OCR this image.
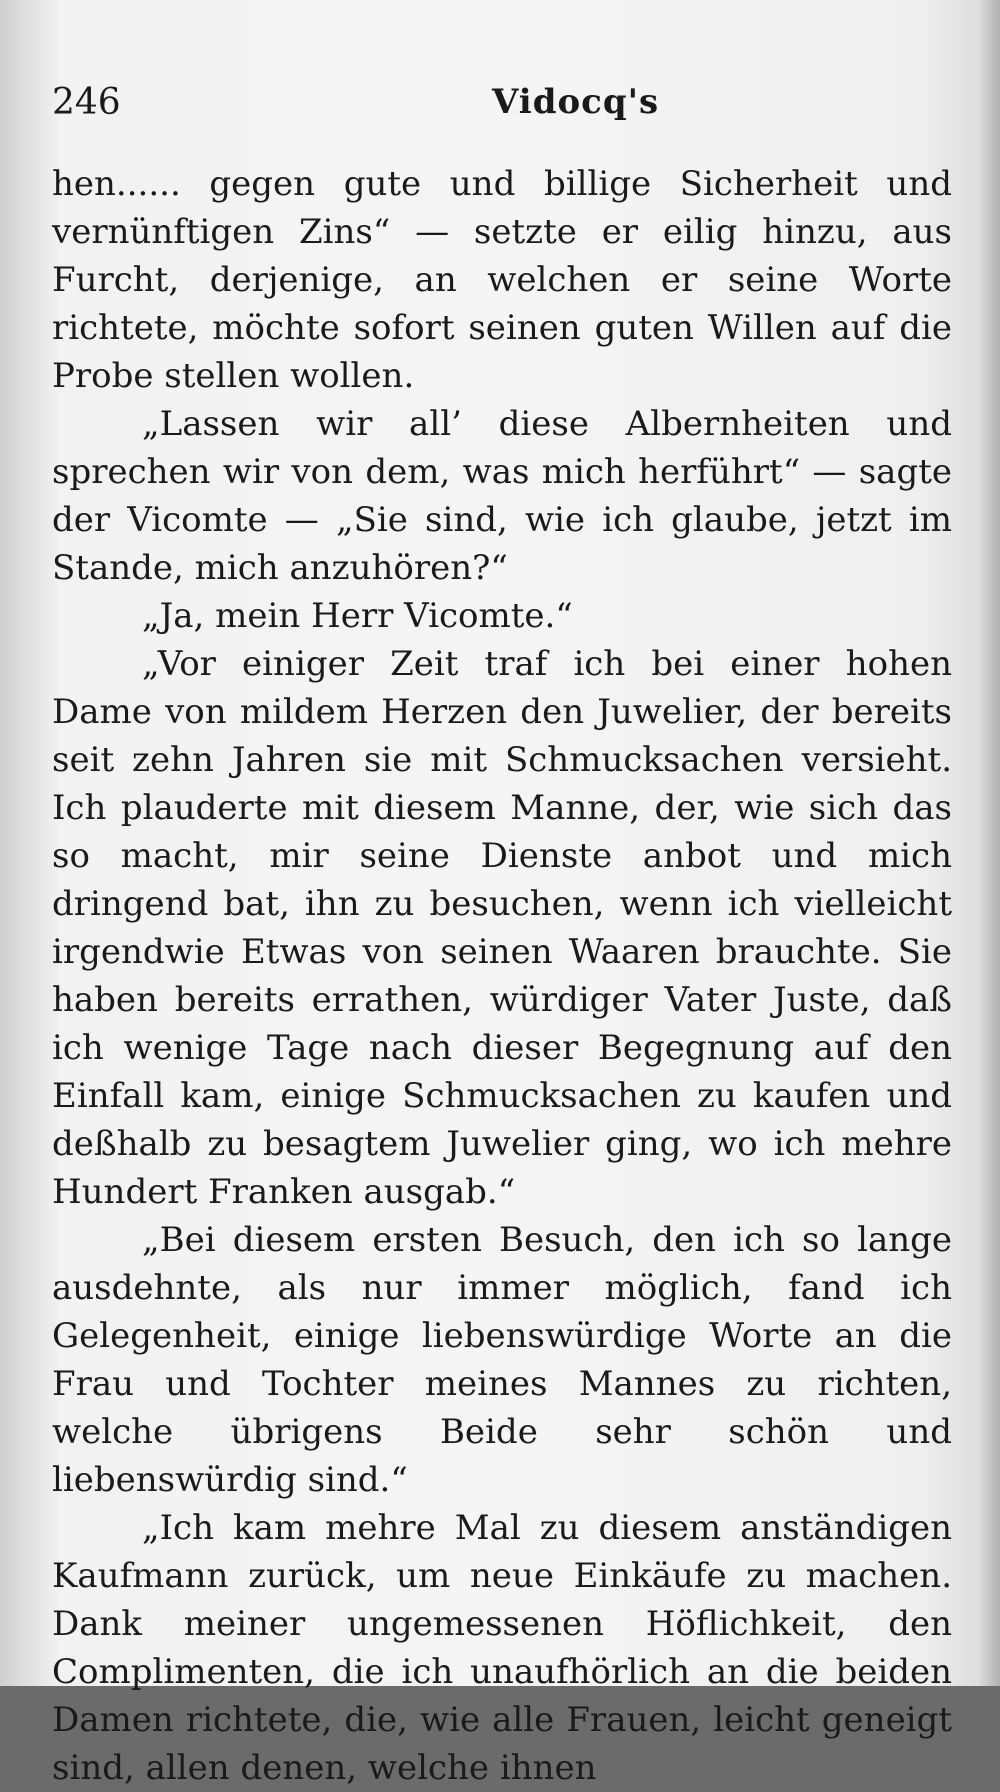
246	Vidocq's

hen...... gegen gute und billige Sicherheit und vernünftigen Zins“ — setzte er eilig hinzu, aus Furcht, derjenige, an welchen er seine Worte richtete, möchte sofort seinen guten Willen auf die Probe stellen wollen.

„Lassen wir all’ diese Albernheiten und sprechen wir von dem, was mich herführt“ — sagte der Vicomte — „Sie sind, wie ich glaube, jetzt im Stande, mich anzuhören?“

„Ja, mein Herr Vicomte.“

„Vor einiger Zeit traf ich bei einer hohen Dame von mildem Herzen den Juwelier, der bereits seit zehn Jahren sie mit Schmucksachen versieht. Ich plauderte mit diesem Manne, der, wie sich das so macht, mir seine Dienste anbot und mich dringend bat, ihn zu besuchen, wenn ich vielleicht irgendwie Etwas von seinen Waaren brauchte. Sie haben bereits errathen, würdiger Vater Juste, daß ich wenige Tage nach dieser Begegnung auf den Einfall kam, einige Schmucksachen zu kaufen und deßhalb zu besagtem Juwelier ging, wo ich mehre Hundert Franken ausgab.“

„Bei diesem ersten Besuch, den ich so lange ausdehnte, als nur immer möglich, fand ich Gelegenheit, einige liebenswürdige Worte an die Frau und Tochter meines Mannes zu richten, welche übrigens Beide sehr schön und liebenswürdig sind.“

„Ich kam mehre Mal zu diesem anständigen Kaufmann zurück, um neue Einkäufe zu machen. Dank meiner ungemessenen Höflichkeit, den Complimenten, die ich unaufhörlich an die beiden Damen richtete, die, wie alle Frauen, leicht geneigt sind, allen denen, welche ihnen
